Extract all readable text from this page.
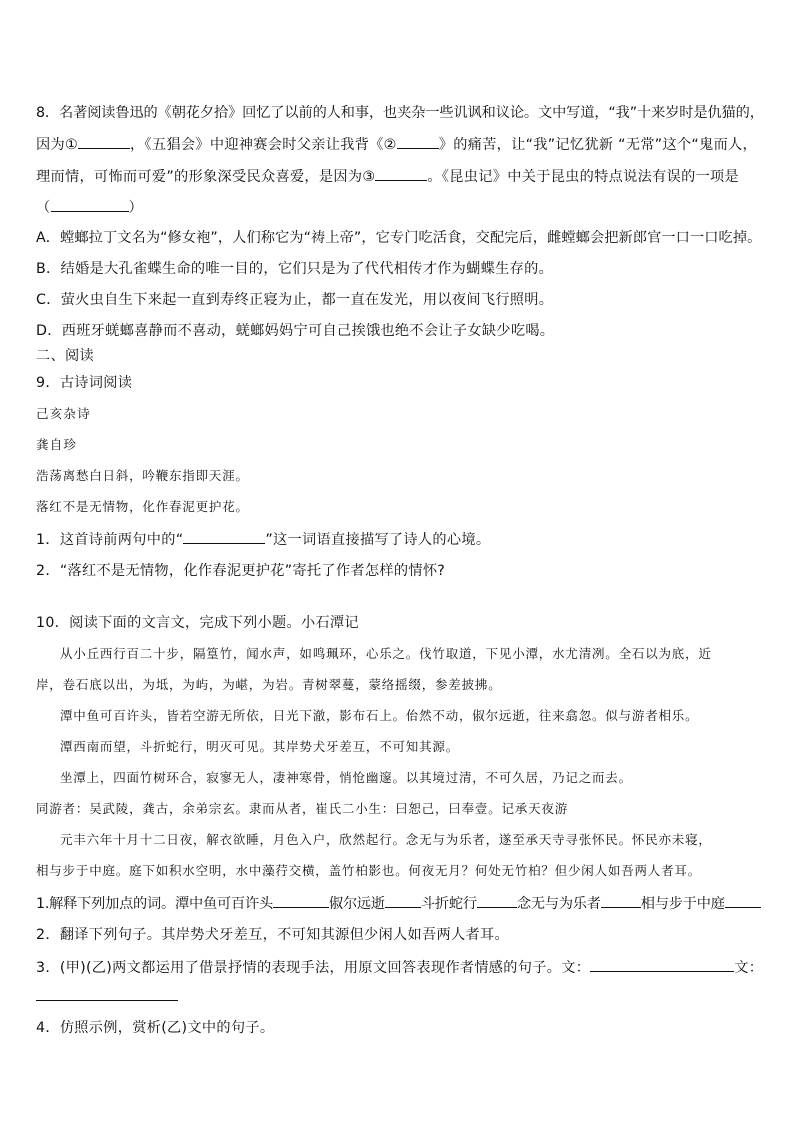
8．名著阅读鲁迅的《朝花夕拾》回忆了以前的人和事，也夹杂一些讥讽和议论。文中写道，“我”十来岁时是仇猫的，
因为①	，《五猖会》中迎神赛会时父亲让我背《②	》的痛苦，让“我”记忆犹新 “无常”这个“鬼而人，
理而情，可怖而可爱”的形象深受民众喜爱，是因为③	。《昆虫记》中关于昆虫的特点说法有误的一项是
（	）
A．螳螂拉丁文名为“修女袍”，人们称它为“祷上帝”，它专门吃活食，交配完后，雌螳螂会把新郎官一口一口吃掉。
B．结婚是大孔雀蝶生命的唯一目的，它们只是为了代代相传才作为蝴蝶生存的。
C．萤火虫自生下来起一直到寿终正寝为止，都一直在发光，用以夜间飞行照明。
D．西班牙蜣螂喜静而不喜动，蜣螂妈妈宁可自己挨饿也绝不会让子女缺少吃喝。
二、阅读
9．古诗词阅读
己亥杂诗
龚自珍
浩荡离愁白日斜，吟鞭东指即天涯。
落红不是无情物，化作春泥更护花。
1．这首诗前两句中的“	”这一词语直接描写了诗人的心境。
2．“落红不是无情物，化作春泥更护花”寄托了作者怎样的情怀?
10．阅读下面的文言文，完成下列小题。小石潭记
从小丘西行百二十步，隔篁竹，闻水声，如鸣珮环，心乐之。伐竹取道，下见小潭，水尤清冽。全石以为底，近
岸，卷石底以出，为坻，为屿，为嵁，为岩。青树翠蔓，蒙络摇缀，参差披拂。
潭中鱼可百许头，皆若空游无所依，日光下澈，影布石上。佁然不动，俶尔远逝，往来翕忽。似与游者相乐。
潭西南而望，斗折蛇行，明灭可见。其岸势犬牙差互，不可知其源。
坐潭上，四面竹树环合，寂寥无人，凄神寒骨，悄怆幽邃。以其境过清，不可久居，乃记之而去。
同游者：吴武陵，龚古，余弟宗玄。隶而从者，崔氏二小生：曰恕己，曰奉壹。记承天夜游
元丰六年十月十二日夜，解衣欲睡，月色入户，欣然起行。念无与为乐者，遂至承天寺寻张怀民。怀民亦未寝，
相与步于中庭。庭下如积水空明，水中藻荇交横，盖竹柏影也。何夜无月？何处无竹柏？但少闲人如吾两人者耳。
1.解释下列加点的词。潭中鱼可百许头	俶尔远逝	斗折蛇行	念无与为乐者	相与步于中庭
2．翻译下列句子。其岸势犬牙差互，不可知其源但少闲人如吾两人者耳。
3．(甲)(乙)两文都运用了借景抒情的表现手法，用原文回答表现作者情感的句子。文：	文：
4．仿照示例，赏析(乙)文中的句子。
